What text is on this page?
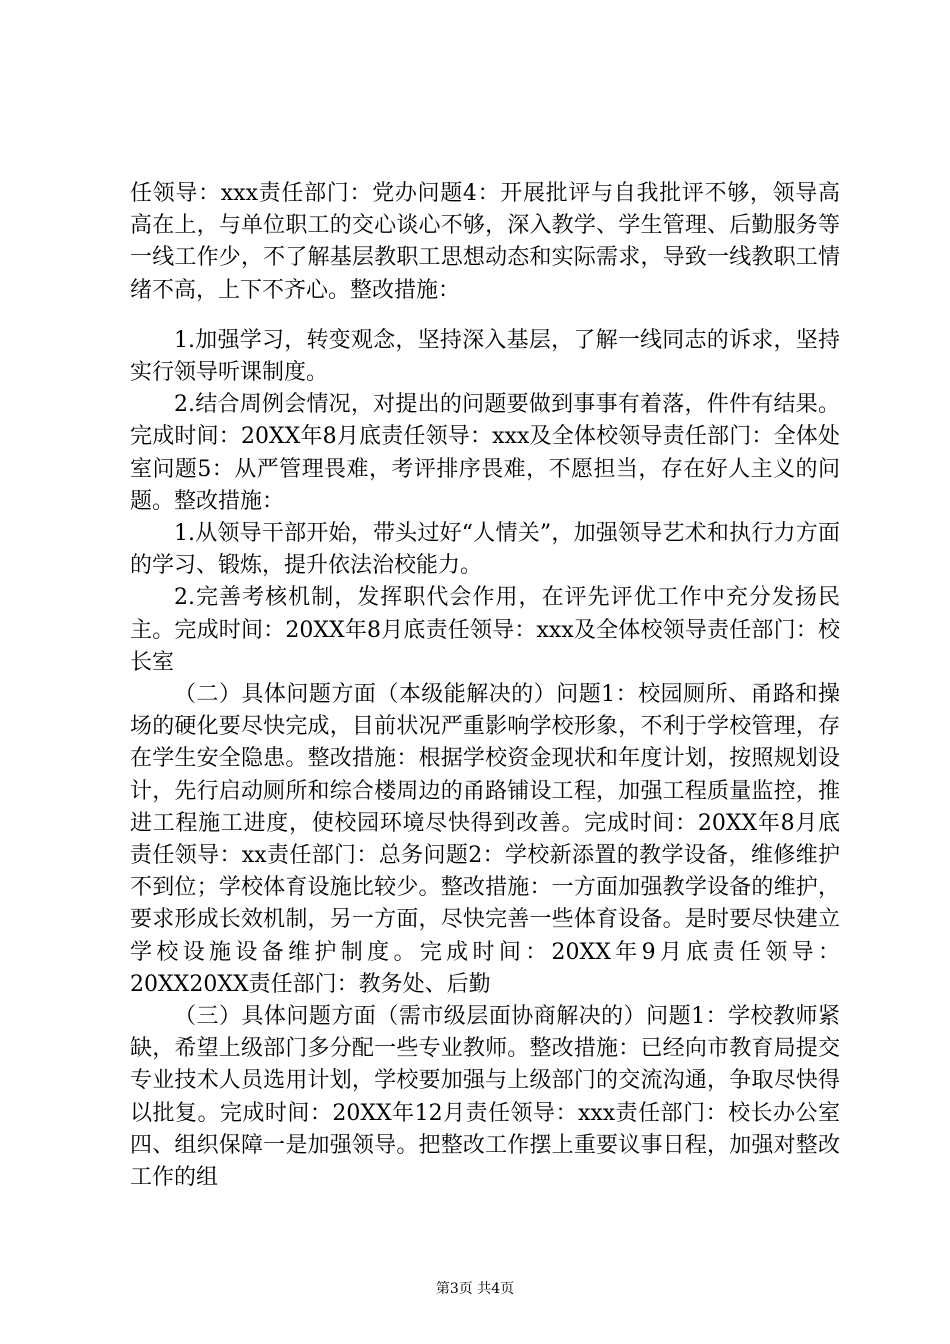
任领导：xxx责任部门：党办问题4：开展批评与自我批评不够，领导高高在上，与单位职工的交心谈心不够，深入教学、学生管理、后勤服务等一线工作少，不了解基层教职工思想动态和实际需求，导致一线教职工情绪不高，上下不齐心。整改措施：

1.加强学习，转变观念，坚持深入基层，了解一线同志的诉求，坚持实行领导听课制度。

2.结合周例会情况，对提出的问题要做到事事有着落，件件有结果。完成时间：20XX年8月底责任领导：xxx及全体校领导责任部门：全体处室问题5：从严管理畏难，考评排序畏难，不愿担当，存在好人主义的问题。整改措施：

1.从领导干部开始，带头过好“人情关”，加强领导艺术和执行力方面的学习、锻炼，提升依法治校能力。

2.完善考核机制，发挥职代会作用，在评先评优工作中充分发扬民主。完成时间：20XX年8月底责任领导：xxx及全体校领导责任部门：校长室

（二）具体问题方面（本级能解决的）问题1：校园厕所、甬路和操场的硬化要尽快完成，目前状况严重影响学校形象，不利于学校管理，存在学生安全隐患。整改措施：根据学校资金现状和年度计划，按照规划设计，先行启动厕所和综合楼周边的甬路铺设工程，加强工程质量监控，推进工程施工进度，使校园环境尽快得到改善。完成时间：20XX年8月底责任领导：xx责任部门：总务问题2：学校新添置的教学设备，维修维护不到位；学校体育设施比较少。整改措施：一方面加强教学设备的维护，要求形成长效机制，另一方面，尽快完善一些体育设备。是时要尽快建立学校设施设备维护制度。完成时间：20XX年9月底责任领导：20XX20XX责任部门：教务处、后勤

（三）具体问题方面（需市级层面协商解决的）问题1：学校教师紧缺，希望上级部门多分配一些专业教师。整改措施：已经向市教育局提交专业技术人员选用计划，学校要加强与上级部门的交流沟通，争取尽快得以批复。完成时间：20XX年12月责任领导：xxx责任部门：校长办公室四、组织保障一是加强领导。把整改工作摆上重要议事日程，加强对整改工作的组

第3页 共4页
